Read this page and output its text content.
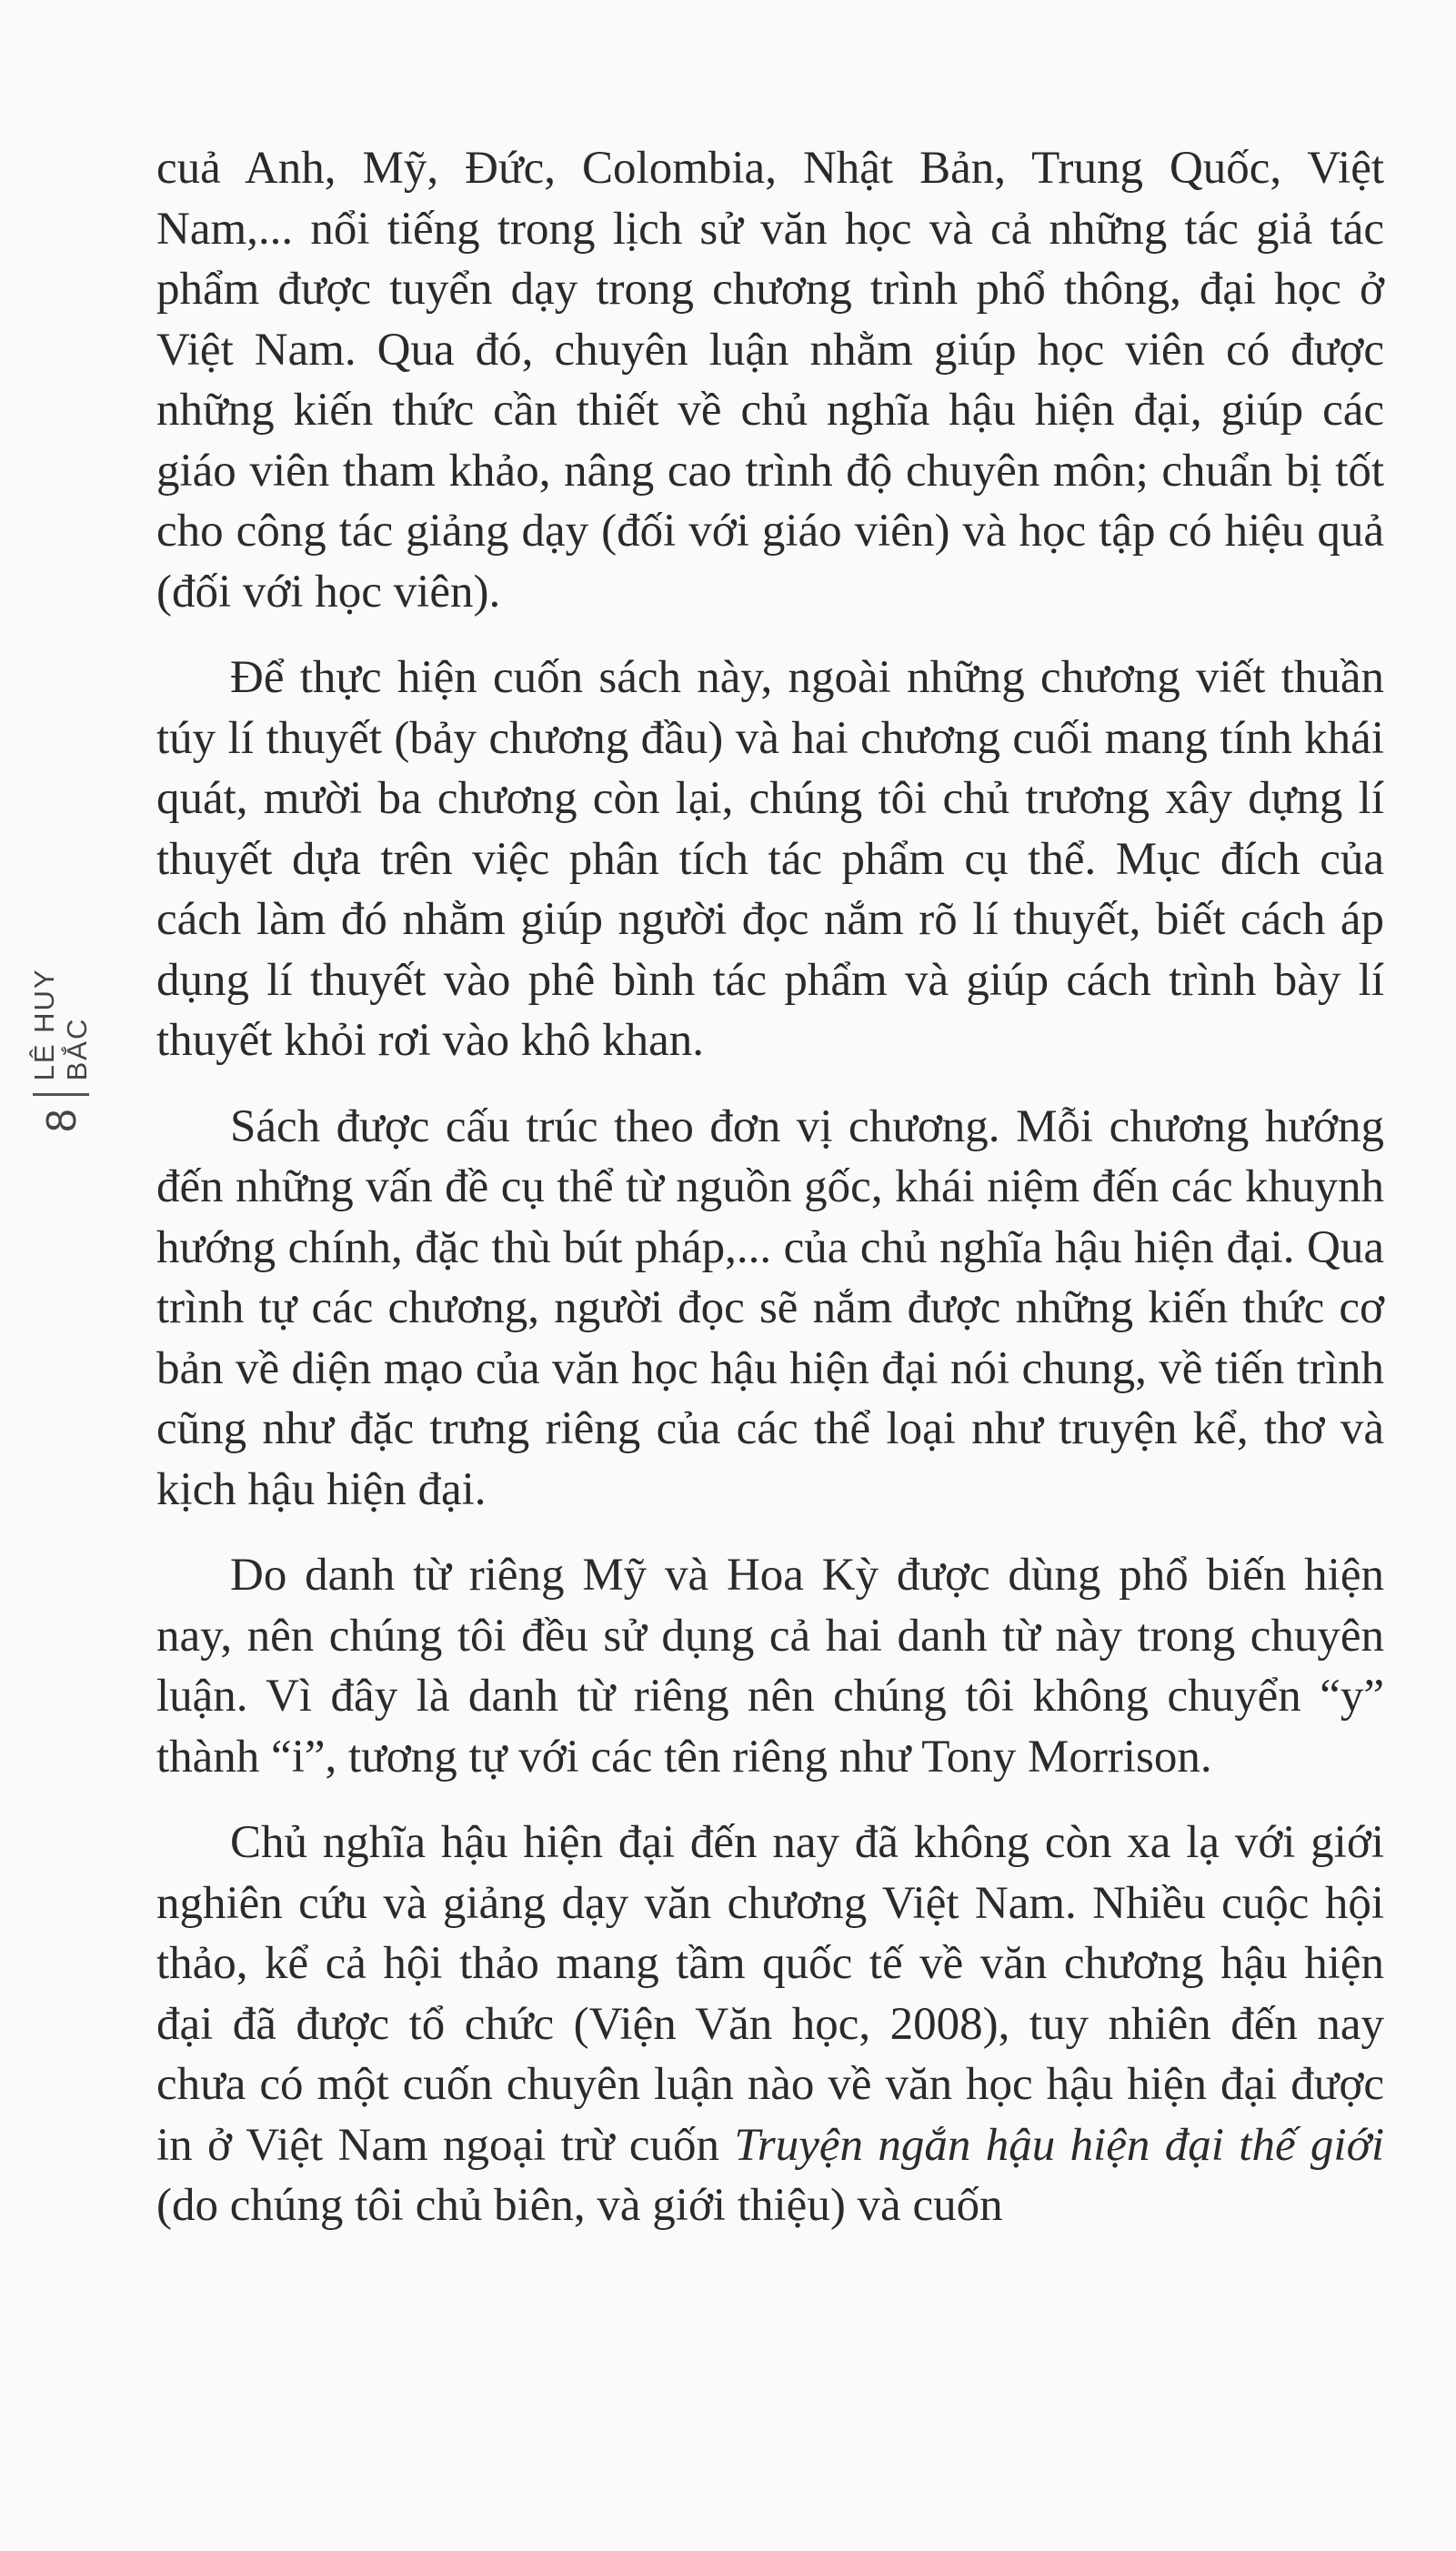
8
LÊ HUY BẮC

cuả Anh, Mỹ, Đức, Colombia, Nhật Bản, Trung Quốc, Việt Nam,... nổi tiếng trong lịch sử văn học và cả những tác giả tác phẩm được tuyển dạy trong chương trình phổ thông, đại học ở Việt Nam. Qua đó, chuyên luận nhằm giúp học viên có được những kiến thức cần thiết về chủ nghĩa hậu hiện đại, giúp các giáo viên tham khảo, nâng cao trình độ chuyên môn; chuẩn bị tốt cho công tác giảng dạy (đối với giáo viên) và học tập có hiệu quả (đối với học viên).

Để thực hiện cuốn sách này, ngoài những chương viết thuần túy lí thuyết (bảy chương đầu) và hai chương cuối mang tính khái quát, mười ba chương còn lại, chúng tôi chủ trương xây dựng lí thuyết dựa trên việc phân tích tác phẩm cụ thể. Mục đích của cách làm đó nhằm giúp người đọc nắm rõ lí thuyết, biết cách áp dụng lí thuyết vào phê bình tác phẩm và giúp cách trình bày lí thuyết khỏi rơi vào khô khan.

Sách được cấu trúc theo đơn vị chương. Mỗi chương hướng đến những vấn đề cụ thể từ nguồn gốc, khái niệm đến các khuynh hướng chính, đặc thù bút pháp,... của chủ nghĩa hậu hiện đại. Qua trình tự các chương, người đọc sẽ nắm được những kiến thức cơ bản về diện mạo của văn học hậu hiện đại nói chung, về tiến trình cũng như đặc trưng riêng của các thể loại như truyện kể, thơ và kịch hậu hiện đại.

Do danh từ riêng Mỹ và Hoa Kỳ được dùng phổ biến hiện nay, nên chúng tôi đều sử dụng cả hai danh từ này trong chuyên luận. Vì đây là danh từ riêng nên chúng tôi không chuyển “y” thành “i”, tương tự với các tên riêng như Tony Morrison.

Chủ nghĩa hậu hiện đại đến nay đã không còn xa lạ với giới nghiên cứu và giảng dạy văn chương Việt Nam. Nhiều cuộc hội thảo, kể cả hội thảo mang tầm quốc tế về văn chương hậu hiện đại đã được tổ chức (Viện Văn học, 2008), tuy nhiên đến nay chưa có một cuốn chuyên luận nào về văn học hậu hiện đại được in ở Việt Nam ngoại trừ cuốn Truyện ngắn hậu hiện đại thế giới (do chúng tôi chủ biên, và giới thiệu) và cuốn
